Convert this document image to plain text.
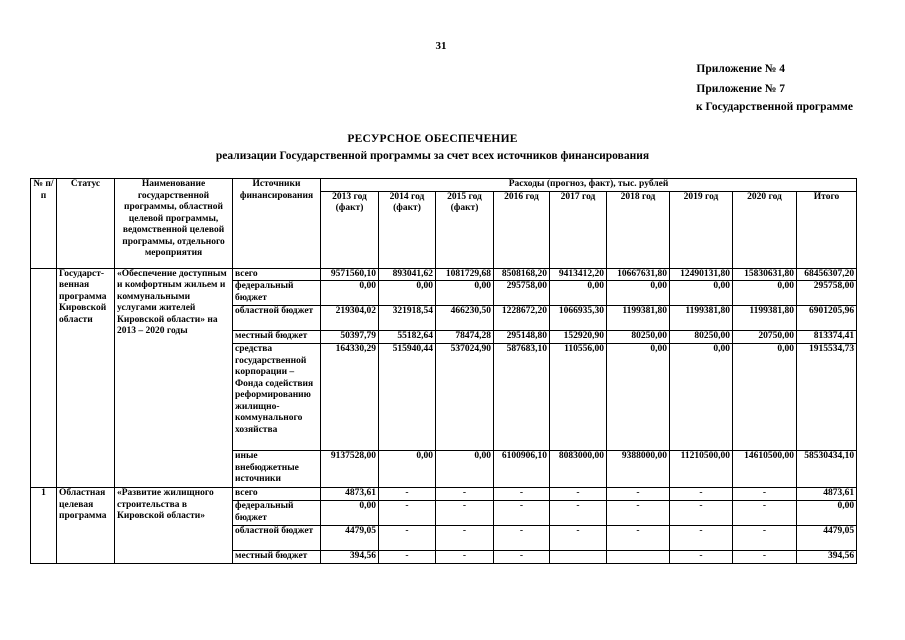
31
Приложение № 4
Приложение № 7
к Государственной программе
РЕСУРСНОЕ ОБЕСПЕЧЕНИЕ
реализации Государственной программы за счет всех источников финансирования
№ п/п	Статус	Наименование государственной программы, областной целевой программы, ведомственной целевой программы, отдельного мероприятия	Источники финансирования	Расходы (прогноз, факт), тыс. рублей								
				2013 год (факт)	2014 год (факт)	2015 год (факт)	2016 год	2017 год	2018 год	2019 год	2020 год	Итого
	Государст-венная программа Кировской области	«Обеспечение доступным и комфортным жильем и коммунальными услугами жителей Кировской области» на 2013 – 2020 годы	всего	9571560,10	893041,62	1081729,68	8508168,20	9413412,20	10667631,80	12490131,80	15830631,80	68456307,20
			федеральный бюджет	0,00	0,00	0,00	295758,00	0,00	0,00	0,00	0,00	295758,00
			областной бюджет	219304,02	321918,54	466230,50	1228672,20	1066935,30	1199381,80	1199381,80	1199381,80	6901205,96
			местный бюджет	50397,79	55182,64	78474,28	295148,80	152920,90	80250,00	80250,00	20750,00	813374,41
			средства государственной корпорации – Фонда содействия реформированию жилищно-коммунального хозяйства	164330,29	515940,44	537024,90	587683,10	110556,00	0,00	0,00	0,00	1915534,73
			иные внебюджетные источники	9137528,00	0,00	0,00	6100906,10	8083000,00	9388000,00	11210500,00	14610500,00	58530434,10
1	Областная целевая программа	«Развитие жилищного строительства в Кировской области»	всего	4873,61	-	-	-	-	-	-	-	4873,61
			федеральный бюджет	0,00	-	-	-	-	-	-	-	0,00
			областной бюджет	4479,05	-	-	-	-	-	-	-	4479,05
			местный бюджет	394,56	-	-	-			-	-	394,56
